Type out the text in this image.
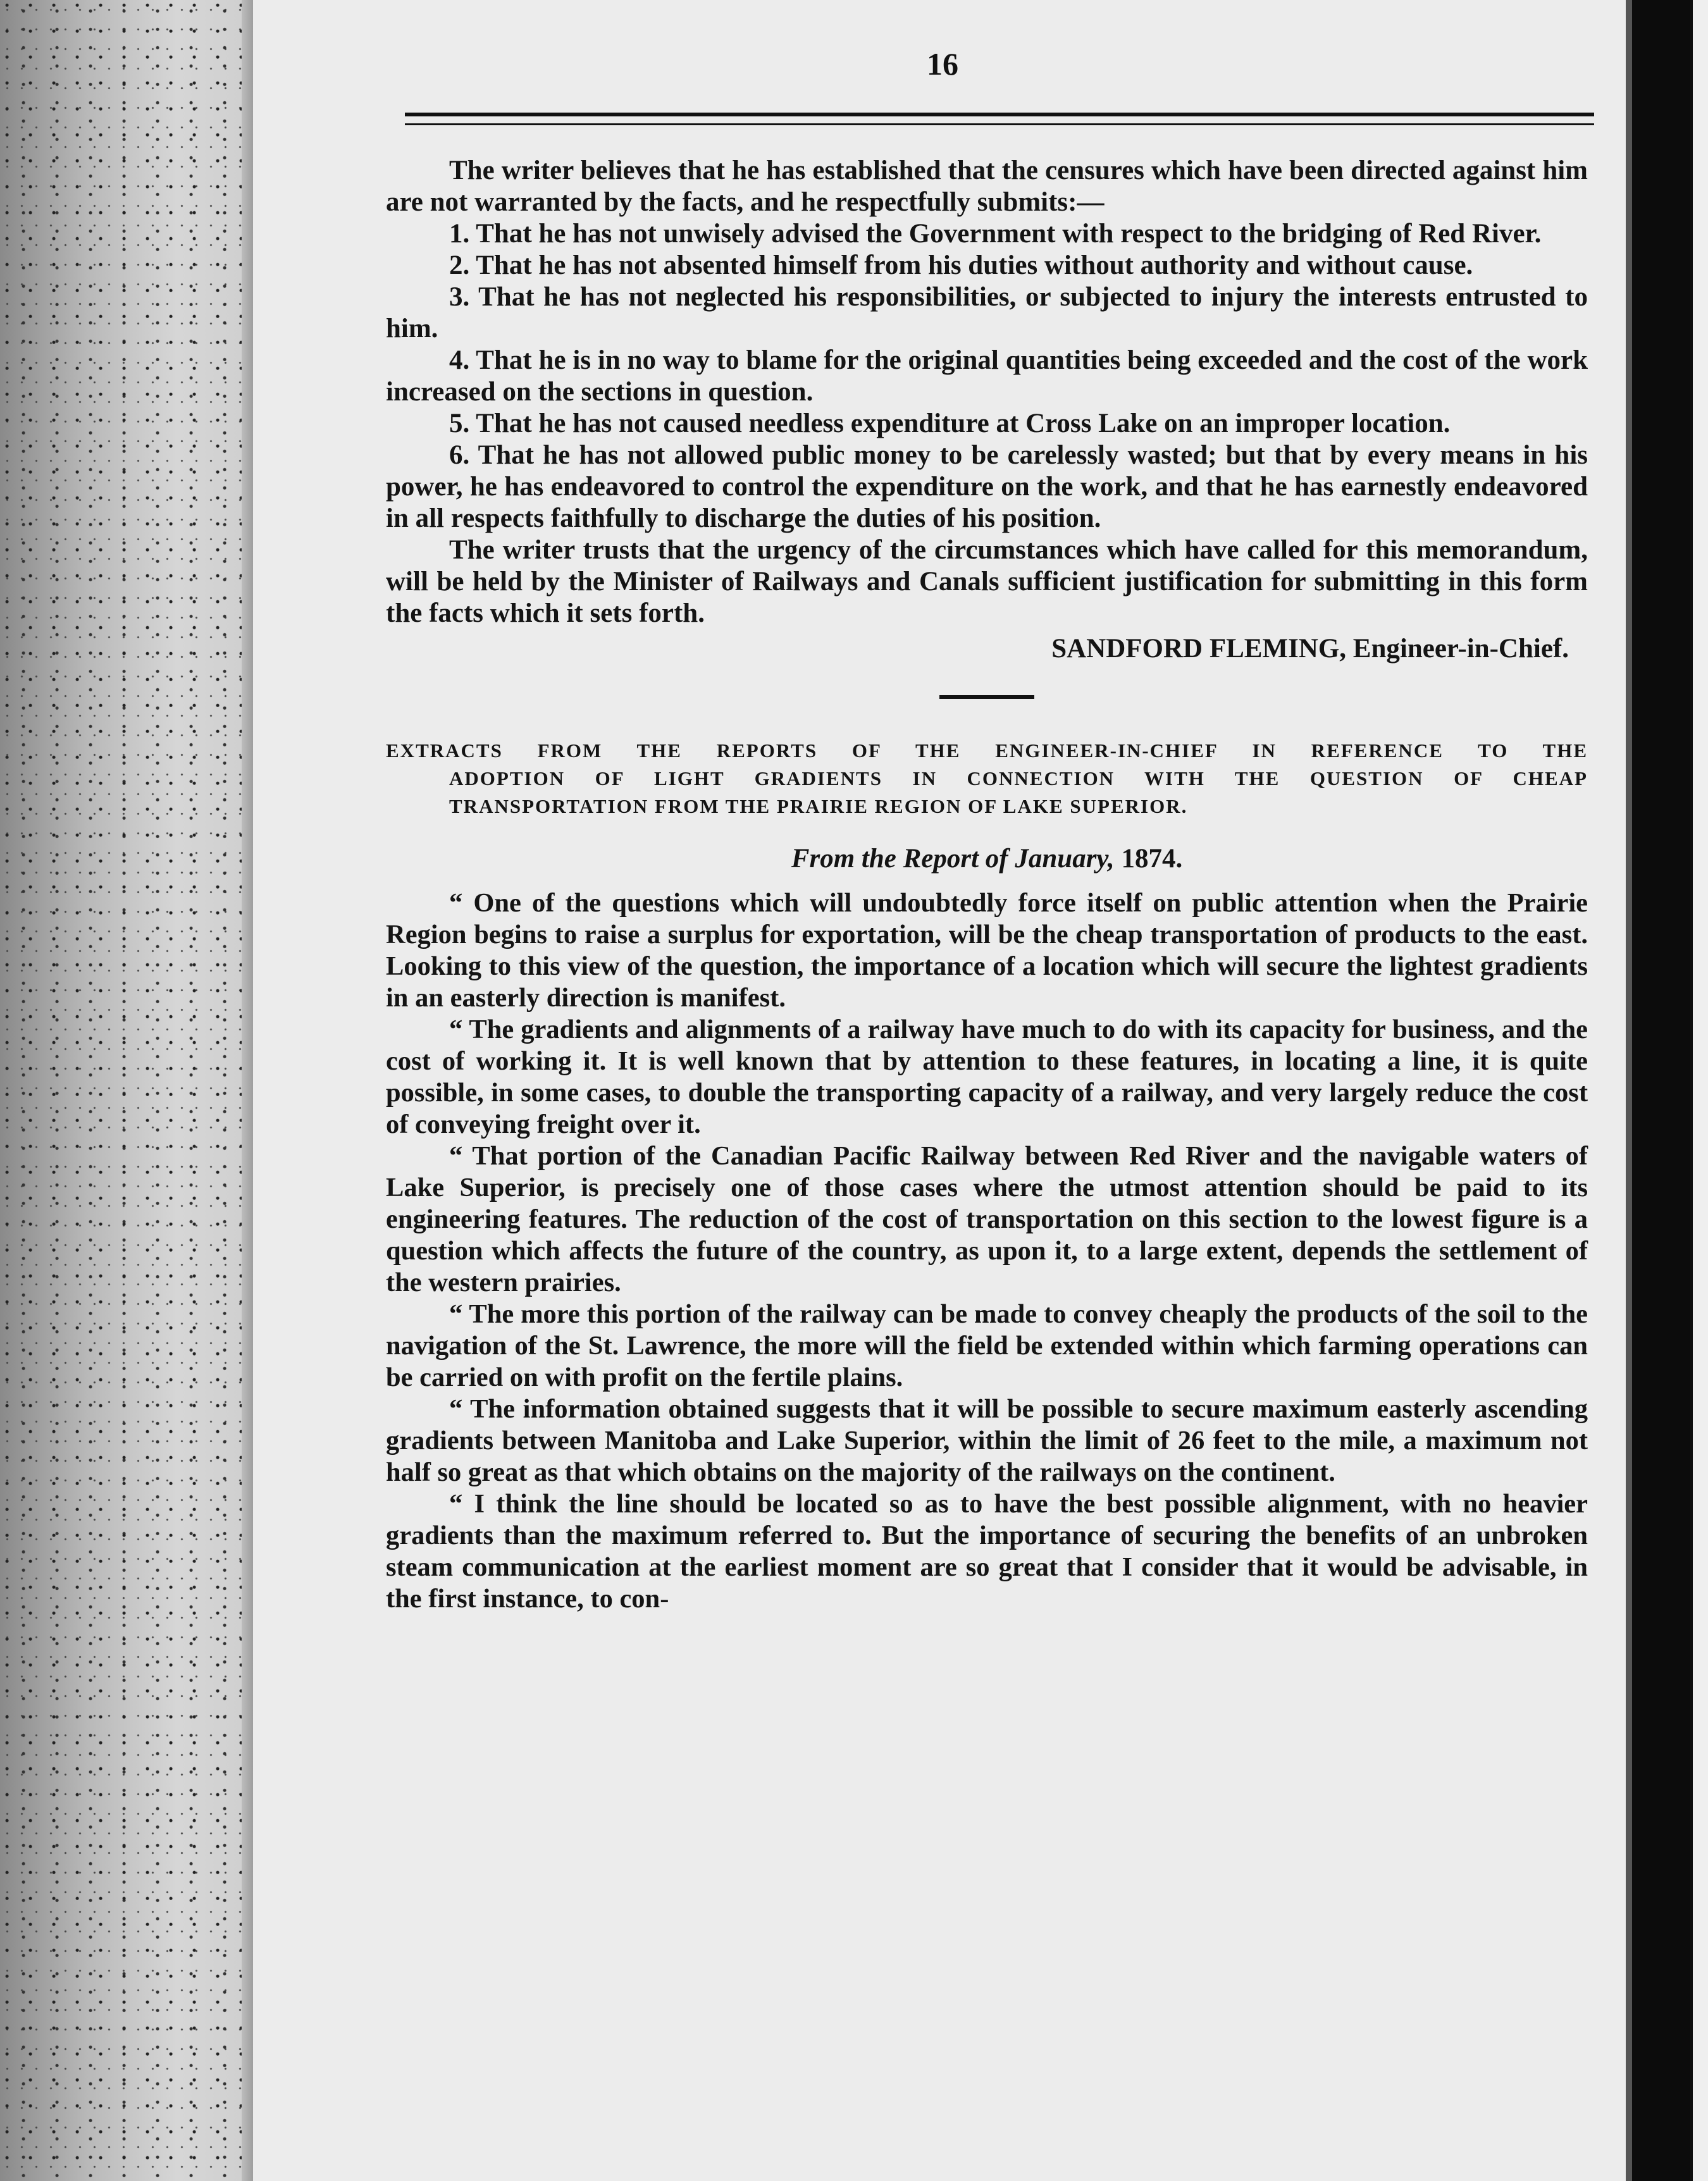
16

The writer believes that he has established that the censures which have been directed against him are not warranted by the facts, and he respectfully submits:—

1. That he has not unwisely advised the Government with respect to the bridging of Red River.

2. That he has not absented himself from his duties without authority and without cause.

3. That he has not neglected his responsibilities, or subjected to injury the interests entrusted to him.

4. That he is in no way to blame for the original quantities being exceeded and the cost of the work increased on the sections in question.

5. That he has not caused needless expenditure at Cross Lake on an improper location.

6. That he has not allowed public money to be carelessly wasted; but that by every means in his power, he has endeavored to control the expenditure on the work, and that he has earnestly endeavored in all respects faithfully to discharge the duties of his position.

The writer trusts that the urgency of the circumstances which have called for this memorandum, will be held by the Minister of Railways and Canals sufficient justification for submitting in this form the facts which it sets forth.

SANDFORD FLEMING, Engineer-in-Chief.

EXTRACTS FROM THE REPORTS OF THE ENGINEER-IN-CHIEF IN REFERENCE TO THE
ADOPTION OF LIGHT GRADIENTS IN CONNECTION WITH THE QUESTION OF CHEAP
TRANSPORTATION FROM THE PRAIRIE REGION OF LAKE SUPERIOR.

From the Report of January, 1874.

“ One of the questions which will undoubtedly force itself on public attention when the Prairie Region begins to raise a surplus for exportation, will be the cheap transportation of products to the east. Looking to this view of the question, the importance of a location which will secure the lightest gradients in an easterly direction is manifest.

“ The gradients and alignments of a railway have much to do with its capacity for business, and the cost of working it. It is well known that by attention to these features, in locating a line, it is quite possible, in some cases, to double the transporting capacity of a railway, and very largely reduce the cost of conveying freight over it.

“ That portion of the Canadian Pacific Railway between Red River and the navigable waters of Lake Superior, is precisely one of those cases where the utmost attention should be paid to its engineering features. The reduction of the cost of transportation on this section to the lowest figure is a question which affects the future of the country, as upon it, to a large extent, depends the settlement of the western prairies.

“ The more this portion of the railway can be made to convey cheaply the products of the soil to the navigation of the St. Lawrence, the more will the field be extended within which farming operations can be carried on with profit on the fertile plains.

“ The information obtained suggests that it will be possible to secure maximum easterly ascending gradients between Manitoba and Lake Superior, within the limit of 26 feet to the mile, a maximum not half so great as that which obtains on the majority of the railways on the continent.

“ I think the line should be located so as to have the best possible alignment, with no heavier gradients than the maximum referred to. But the importance of securing the benefits of an unbroken steam communication at the earliest moment are so great that I consider that it would be advisable, in the first instance, to con-
